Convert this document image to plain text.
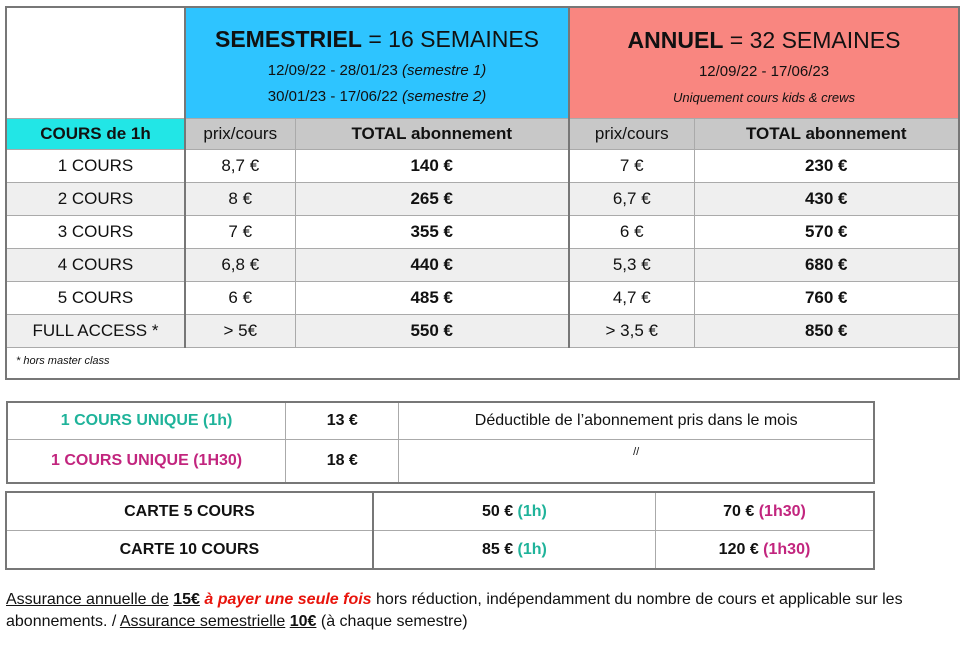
	SEMESTRIEL = 16 SEMAINES
12/09/22 - 28/01/23 (semestre 1)
30/01/23 - 17/06/22 (semestre 2)		ANNUEL = 32 SEMAINES
12/09/22 - 17/06/23
Uniquement cours kids & crews	

COURS de 1h	prix/cours	TOTAL abonnement	prix/cours	TOTAL abonnement
1 COURS	8,7 €	140 €	7 €	230 €
2 COURS	8 €	265 €	6,7 €	430 €
3 COURS	7 €	355 €	6 €	570 €
4 COURS	6,8 €	440 €	5,3 €	680 €
5 COURS	6 €	485 €	4,7 €	760 €
FULL ACCESS *	> 5€	550 €	> 3,5 €	850 €
* hors master class
1 COURS UNIQUE (1h)	13 €	Déductible de l’abonnement pris dans le mois
1 COURS UNIQUE (1H30)	18 €	//
CARTE 5 COURS	50 € (1h)	70 € (1h30)
CARTE 10 COURS	85 € (1h)	120 € (1h30)
Assurance annuelle de 15€ à payer une seule fois hors réduction, indépendamment du nombre de cours et applicable sur les abonnements. / Assurance semestrielle 10€ (à chaque semestre)
